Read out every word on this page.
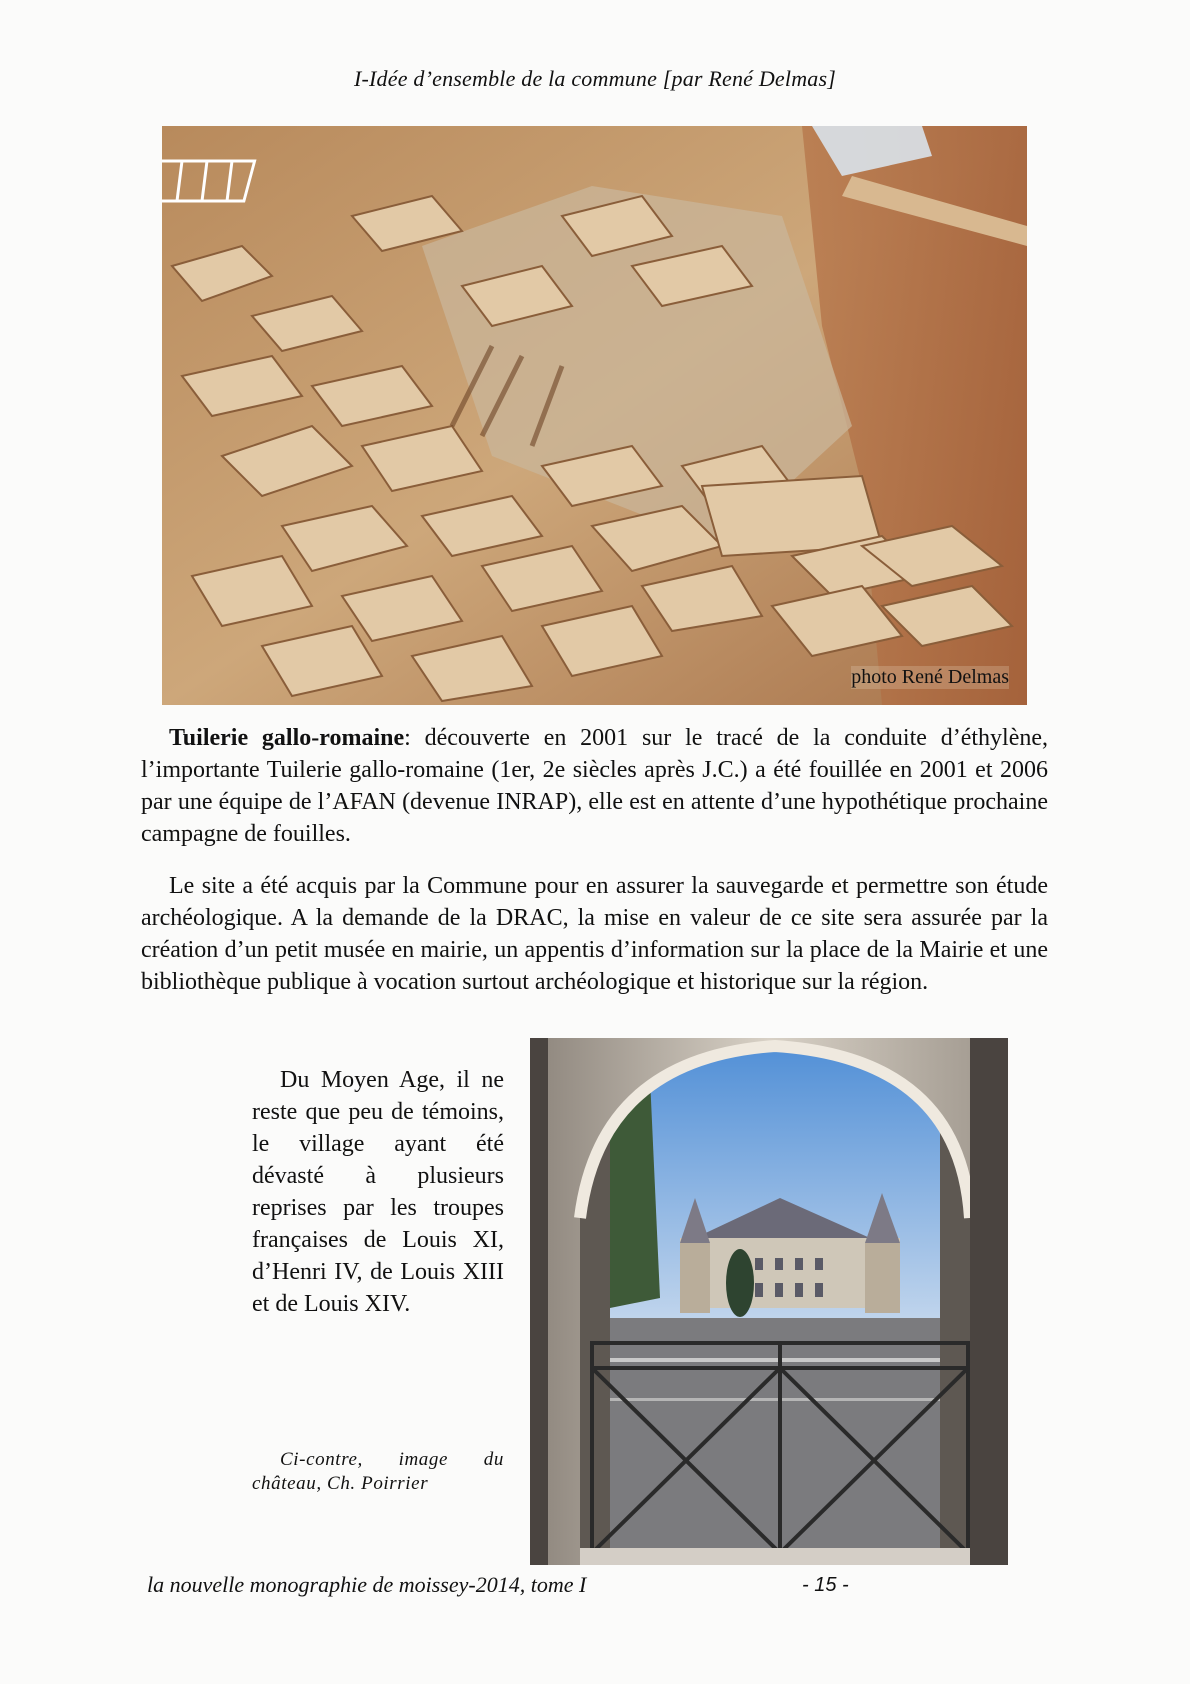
I-Idée d’ensemble de la commune [par René Delmas]
photo René Delmas
Tuilerie gallo-romaine: découverte en 2001 sur le tracé de la conduite d’éthylène, l’importante Tuilerie gallo-romaine (1er, 2e siècles après J.C.) a été fouillée en 2001 et 2006 par une équipe de l’AFAN (devenue INRAP), elle est en attente d’une hypothétique prochaine campagne de fouilles.
Le site a été acquis par la Commune pour en assurer la sauvegarde et permettre son étude archéologique. A la demande de la DRAC, la mise en valeur de ce site sera assurée par la création d’un petit musée en mairie, un appentis d’information sur la place de la Mairie et une bibliothèque publique à vocation surtout archéologique et historique sur la région.
Du Moyen Age, il ne reste que peu de témoins, le village ayant été dévasté à plusieurs reprises par les troupes françaises de Louis XI, d’Henri IV, de Louis XIII et de Louis XIV.
Ci-contre, image du château, Ch. Poirrier
la nouvelle monographie de moissey-2014, tome I	- 15 -
